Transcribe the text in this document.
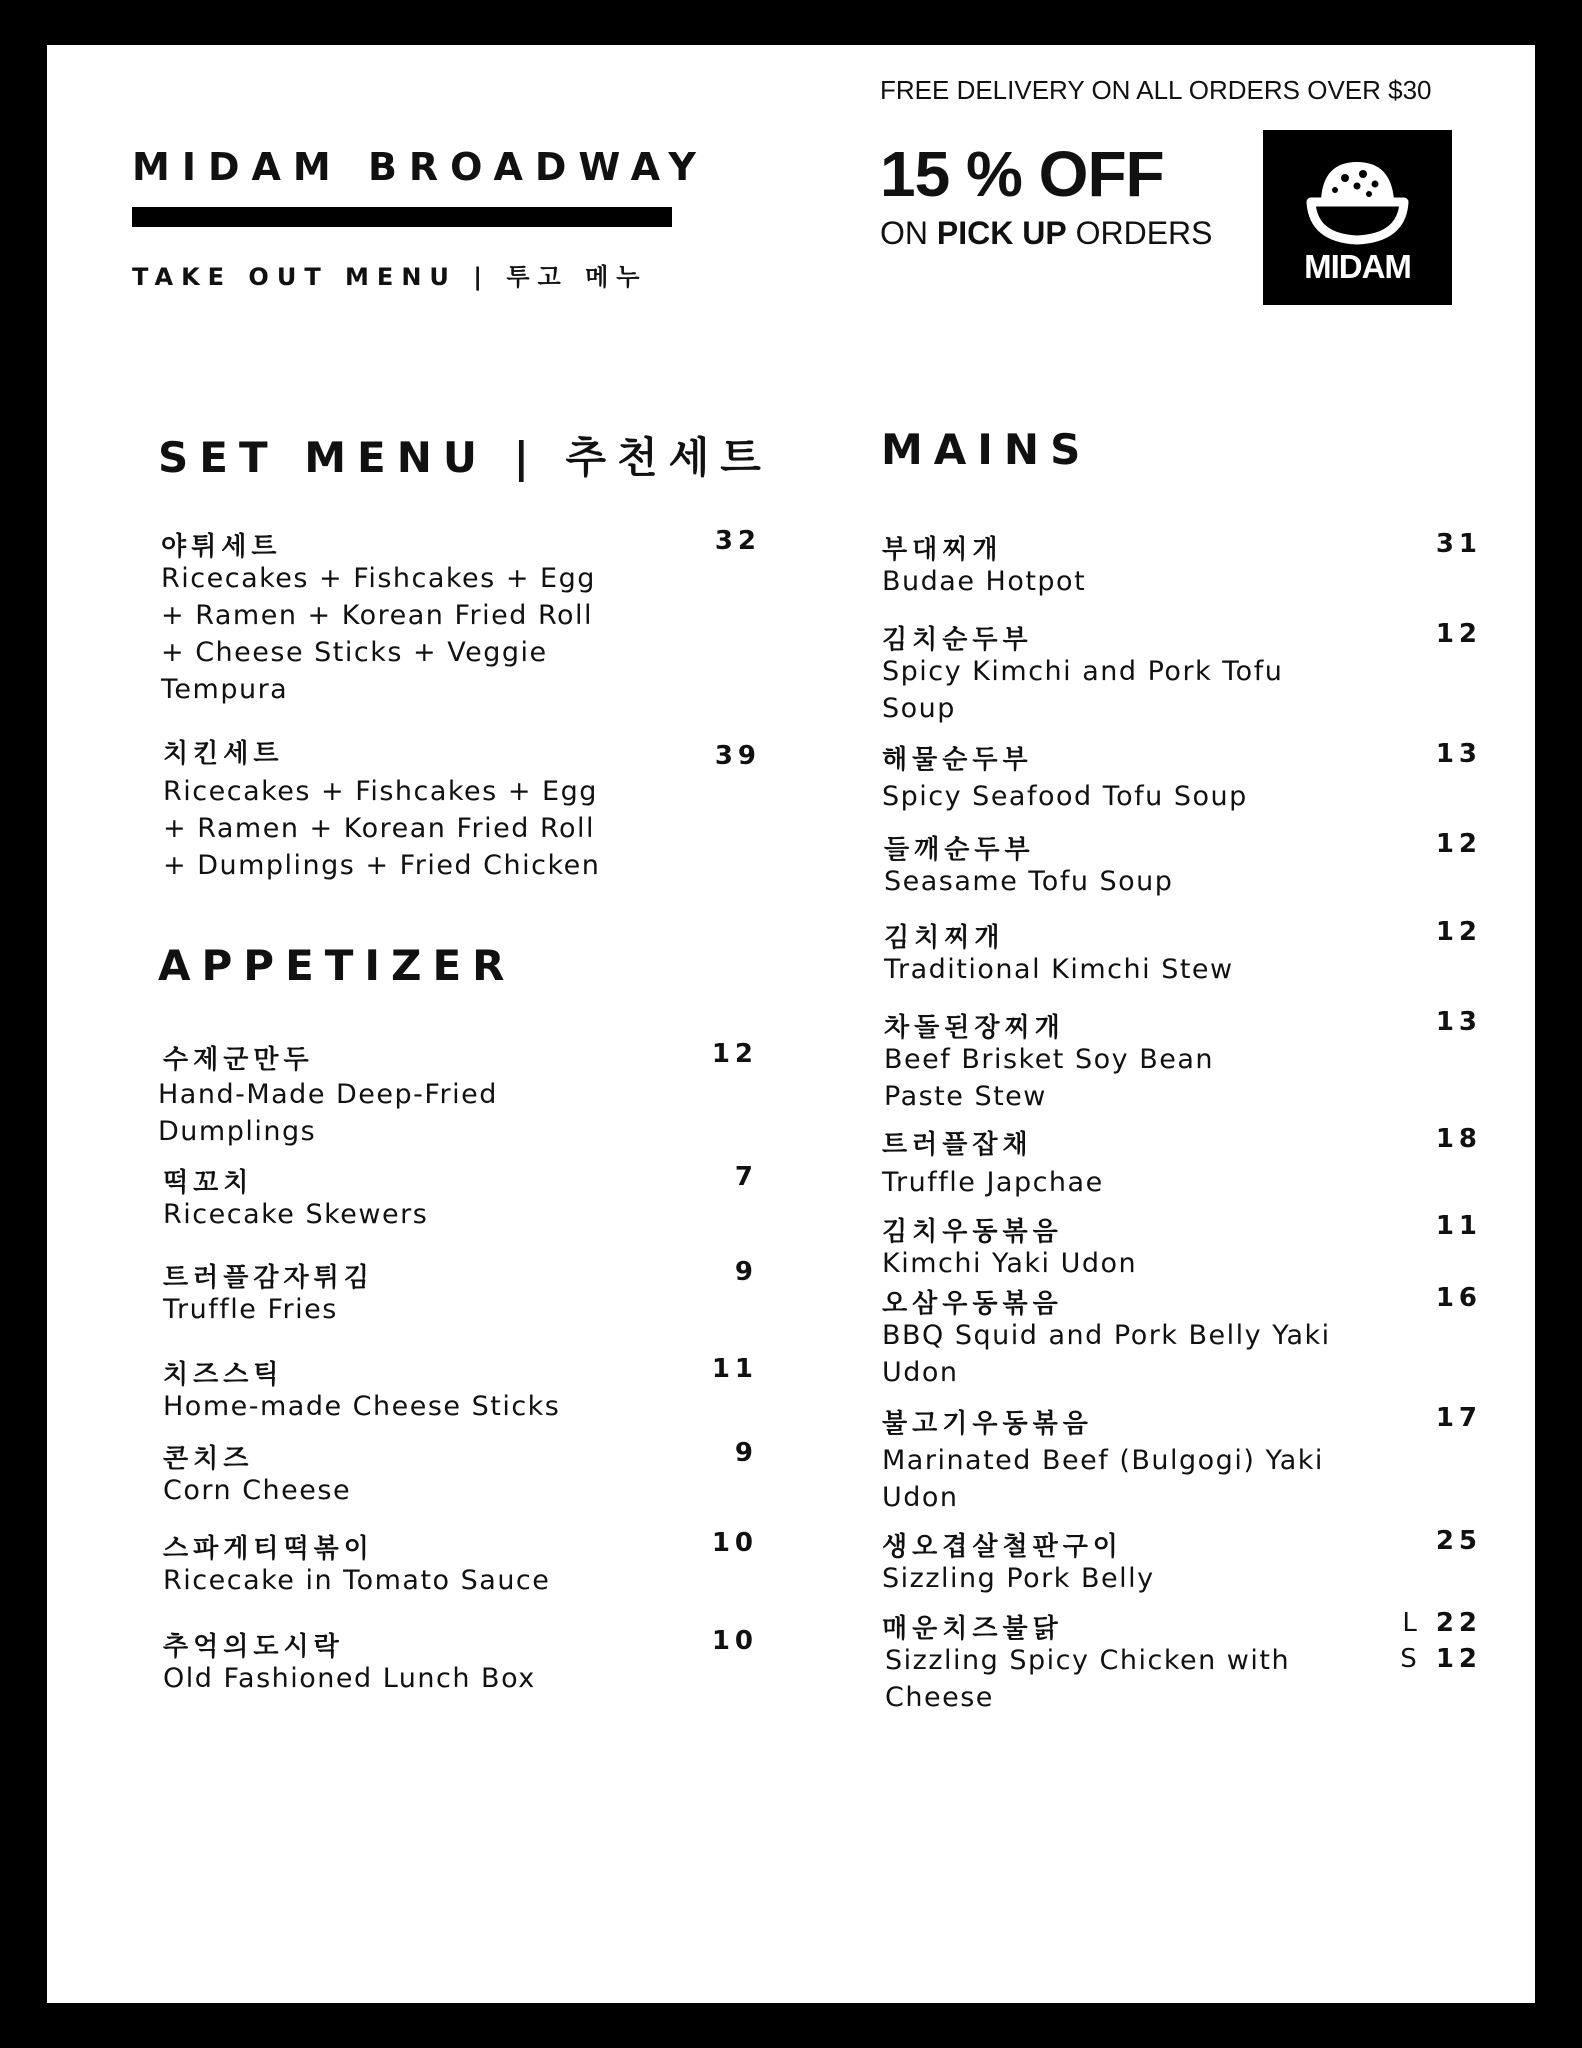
MIDAM BROADWAY
TAKE OUT MENU | 투고 메누
FREE DELIVERY ON ALL ORDERS OVER $30
15 % OFF
ON PICK UP ORDERS
MIDAM
SET MENU | 추천세트
APPETIZER
MAINS
야튀세트
Ricecakes + Fishcakes + Egg + Ramen + Korean Fried Roll + Cheese Sticks + Veggie Tempura
32
치킨세트
Ricecakes + Fishcakes + Egg + Ramen + Korean Fried Roll + Dumplings + Fried Chicken
39
수제군만두
Hand-Made Deep-Fried Dumplings
12
떡꼬치
Ricecake Skewers
7
트러플감자튀김
Truffle Fries
9
치즈스틱
Home-made Cheese Sticks
11
콘치즈
Corn Cheese
9
스파게티떡볶이
Ricecake in Tomato Sauce
10
추억의도시락
Old Fashioned Lunch Box
10
부대찌개
Budae Hotpot
31
김치순두부
Spicy Kimchi and Pork Tofu Soup
12
해물순두부
Spicy Seafood Tofu Soup
13
들깨순두부
Seasame Tofu Soup
12
김치찌개
Traditional Kimchi Stew
12
차돌된장찌개
Beef Brisket Soy Bean Paste Stew
13
트러플잡채
Truffle Japchae
18
김치우동볶음
Kimchi Yaki Udon
11
오삼우동볶음
BBQ Squid and Pork Belly Yaki Udon
16
불고기우동볶음
Marinated Beef (Bulgogi) Yaki Udon
17
생오겹살철판구이
Sizzling Pork Belly
25
매운치즈불닭
Sizzling Spicy Chicken with Cheese
L 22
S 12
